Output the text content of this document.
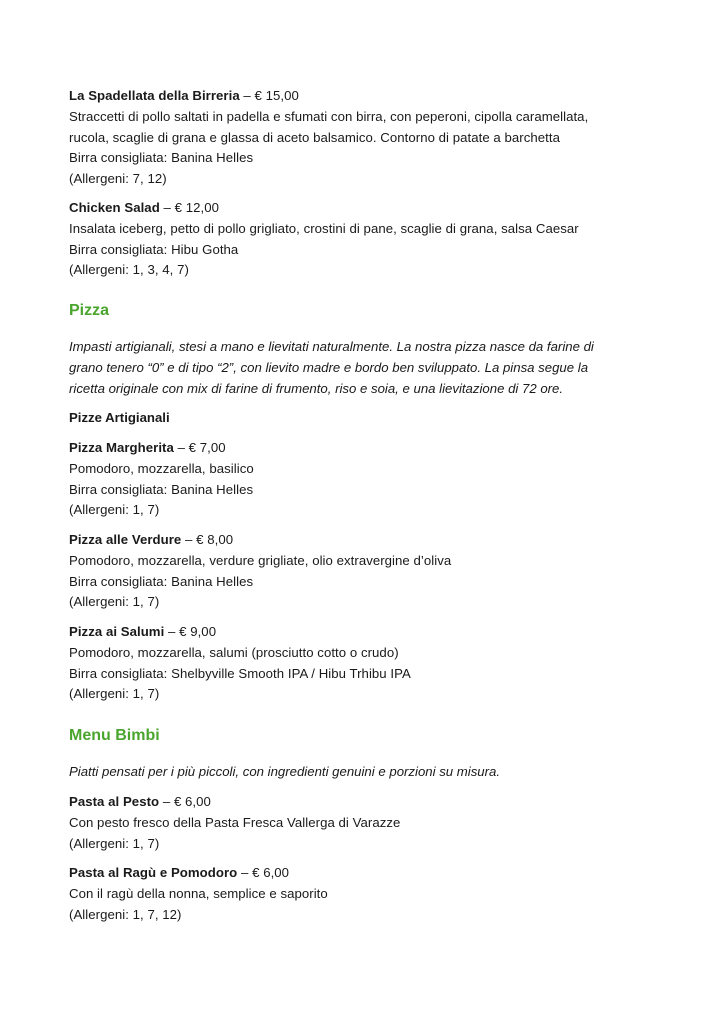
La Spadellata della Birreria – € 15,00
Straccetti di pollo saltati in padella e sfumati con birra, con peperoni, cipolla caramellata,
rucola, scaglie di grana e glassa di aceto balsamico. Contorno di patate a barchetta
Birra consigliata: Banina Helles
(Allergeni: 7, 12)
Chicken Salad – € 12,00
Insalata iceberg, petto di pollo grigliato, crostini di pane, scaglie di grana, salsa Caesar
Birra consigliata: Hibu Gotha
(Allergeni: 1, 3, 4, 7)
Pizza
Impasti artigianali, stesi a mano e lievitati naturalmente. La nostra pizza nasce da farine di
grano tenero “0” e di tipo “2”, con lievito madre e bordo ben sviluppato. La pinsa segue la
ricetta originale con mix di farine di frumento, riso e soia, e una lievitazione di 72 ore.
Pizze Artigianali
Pizza Margherita – € 7,00
Pomodoro, mozzarella, basilico
Birra consigliata: Banina Helles
(Allergeni: 1, 7)
Pizza alle Verdure – € 8,00
Pomodoro, mozzarella, verdure grigliate, olio extravergine d’oliva
Birra consigliata: Banina Helles
(Allergeni: 1, 7)
Pizza ai Salumi – € 9,00
Pomodoro, mozzarella, salumi (prosciutto cotto o crudo)
Birra consigliata: Shelbyville Smooth IPA / Hibu Trhibu IPA
(Allergeni: 1, 7)
Menu Bimbi
Piatti pensati per i più piccoli, con ingredienti genuini e porzioni su misura.
Pasta al Pesto – € 6,00
Con pesto fresco della Pasta Fresca Vallerga di Varazze
(Allergeni: 1, 7)
Pasta al Ragù e Pomodoro – € 6,00
Con il ragù della nonna, semplice e saporito
(Allergeni: 1, 7, 12)
